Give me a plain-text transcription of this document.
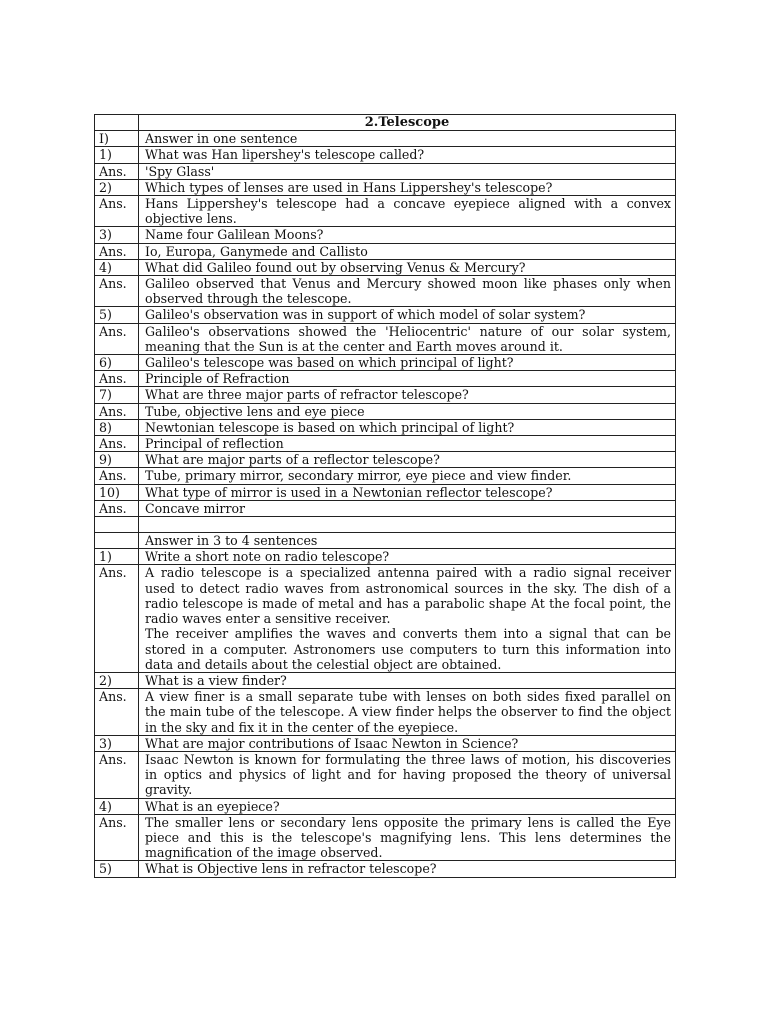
	2.Telescope
I)	Answer in one sentence
1)	What was Han lipershey's telescope called?
Ans.	'Spy Glass'
2)	Which types of lenses are used in Hans Lippershey's telescope?
Ans.	Hans Lippershey's telescope had a concave eyepiece aligned with a convex objective lens.
3)	Name four Galilean Moons?
Ans.	Io, Europa, Ganymede and Callisto
4)	What did Galileo found out by observing Venus & Mercury?
Ans.	Galileo observed that Venus and Mercury showed moon like phases only when observed through the telescope.
5)	Galileo's observation was in support of which model of solar system?
Ans.	Galileo's observations showed the 'Heliocentric' nature of our solar system, meaning that the Sun is at the center and Earth moves around it.
6)	Galileo's telescope was based on which principal of light?
Ans.	Principle of Refraction
7)	What are three major parts of refractor telescope?
Ans.	Tube, objective lens and eye piece
8)	Newtonian telescope is based on which principal of light?
Ans.	Principal of reflection
9)	What are major parts of a reflector telescope?
Ans.	Tube, primary mirror, secondary mirror, eye piece and view finder.
10)	What type of mirror is used in a Newtonian reflector telescope?
Ans.	Concave mirror

	Answer in 3 to 4 sentences
1)	Write a short note on radio telescope?
Ans.	A radio telescope is a specialized antenna paired with a radio signal receiver used to detect radio waves from astronomical sources in the sky. The dish of a radio telescope is made of metal and has a parabolic shape At the focal point, the radio waves enter a sensitive receiver.
The receiver amplifies the waves and converts them into a signal that can be stored in a computer. Astronomers use computers to turn this information into data and details about the celestial object are obtained.

2)	What is a view finder?
Ans.	A view finer is a small separate tube with lenses on both sides fixed parallel on the main tube of the telescope. A view finder helps the observer to find the object in the sky and fix it in the center of the eyepiece.
3)	What are major contributions of Isaac Newton in Science?
Ans.	Isaac Newton is known for formulating the three laws of motion, his discoveries in optics and physics of light and for having proposed the theory of universal gravity.
4)	What is an eyepiece?
Ans.	The smaller lens or secondary lens opposite the primary lens is called the Eye piece and this is the telescope's magnifying lens. This lens determines the magnification of the image observed.
5)	What is Objective lens in refractor telescope?
